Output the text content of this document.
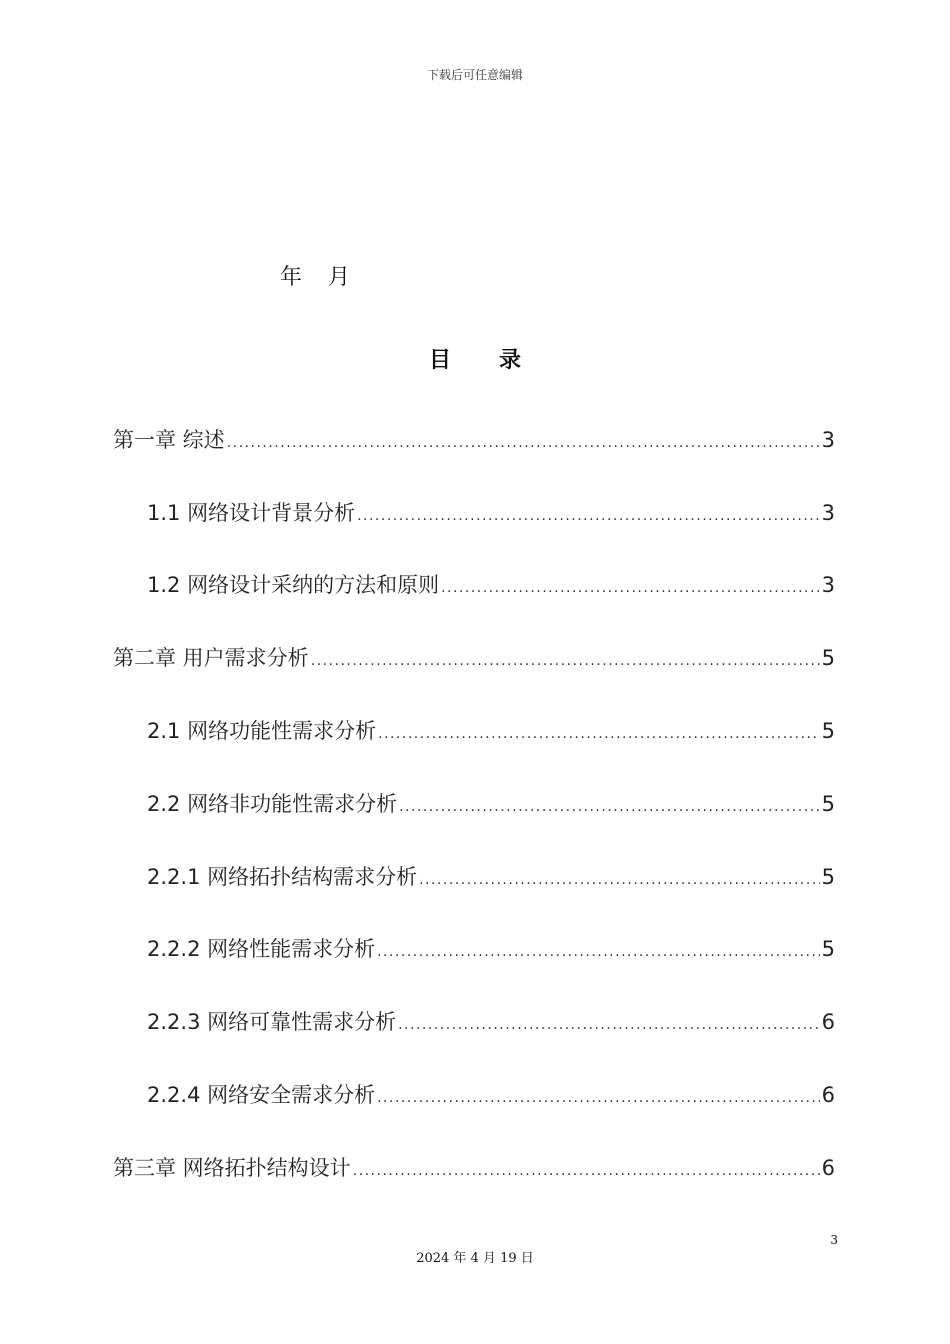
下载后可任意编辑
年 月
目 录
第一章 综述 .....	3
1.1 网络设计背景分析 .....	3
1.2 网络设计采纳的方法和原则 .....	3
第二章 用户需求分析 .....	5
2.1 网络功能性需求分析 .....	5
2.2 网络非功能性需求分析 .....	5
2.2.1 网络拓扑结构需求分析 .....	5
2.2.2 网络性能需求分析 .....	5
2.2.3 网络可靠性需求分析 .....	6
2.2.4 网络安全需求分析 .....	6
第三章 网络拓扑结构设计 .....	6
3
2024 年 4 月 19 日
